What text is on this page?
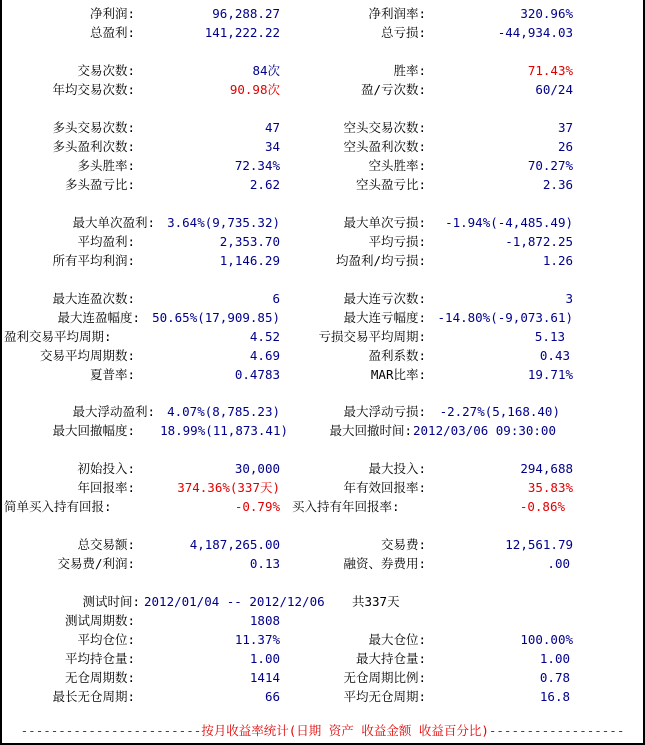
净利润:	96,288.27	净利润率:	320.96%
总盈利:	141,222.22	总亏损:	-44,934.03
交易次数:	84次	胜率:	71.43%
年均交易次数:	90.98次	盈/亏次数:	60/24
多头交易次数:	47	空头交易次数:	37
多头盈利次数:	34	空头盈利次数:	26
多头胜率:	72.34%	空头胜率:	70.27%
多头盈亏比:	2.62	空头盈亏比:	2.36
最大单次盈利: 3.64%(9,735.32)	最大单次亏损:	-1.94%(-4,485.49)
平均盈利:	2,353.70	平均亏损:	-1,872.25
所有平均利润:	1,146.29	均盈利/均亏损:	1.26
最大连盈次数:	6	最大连亏次数:	3
最大连盈幅度: 50.65%(17,909.85)	最大连亏幅度: -14.80%(-9,073.61)
盈利交易平均周期:	4.52	亏损交易平均周期:	5.13
交易平均周期数:	4.69	盈利系数:	0.43
夏普率:	0.4783	MAR比率:	19.71%
最大浮动盈利: 4.07%(8,785.23)	最大浮动亏损:	-2.27%(5,168.40)
最大回撤幅度:	18.99%(11,873.41)	最大回撤时间: 2012/03/06 09:30:00
初始投入:	30,000	最大投入:	294,688
年回报率:	374.36%(337天)	年有效回报率:	35.83%
简单买入持有回报:	-0.79% 买入持有年回报率:	-0.86%
总交易额:	4,187,265.00	交易费:	12,561.79
交易费/利润:	0.13	融资、券费用:	.00
测试时间: 2012/01/04 -- 2012/12/06 共337天
测试周期数:	1808
平均仓位:	11.37%	最大仓位:	100.00%
平均持仓量:	1.00	最大持仓量:	1.00
无仓周期数:	1414	无仓周期比例:	0.78
最长无仓周期:	66	平均无仓周期:	16.8
------------------------按月收益率统计(日期 资产 收益金额 收益百分比)------------------
